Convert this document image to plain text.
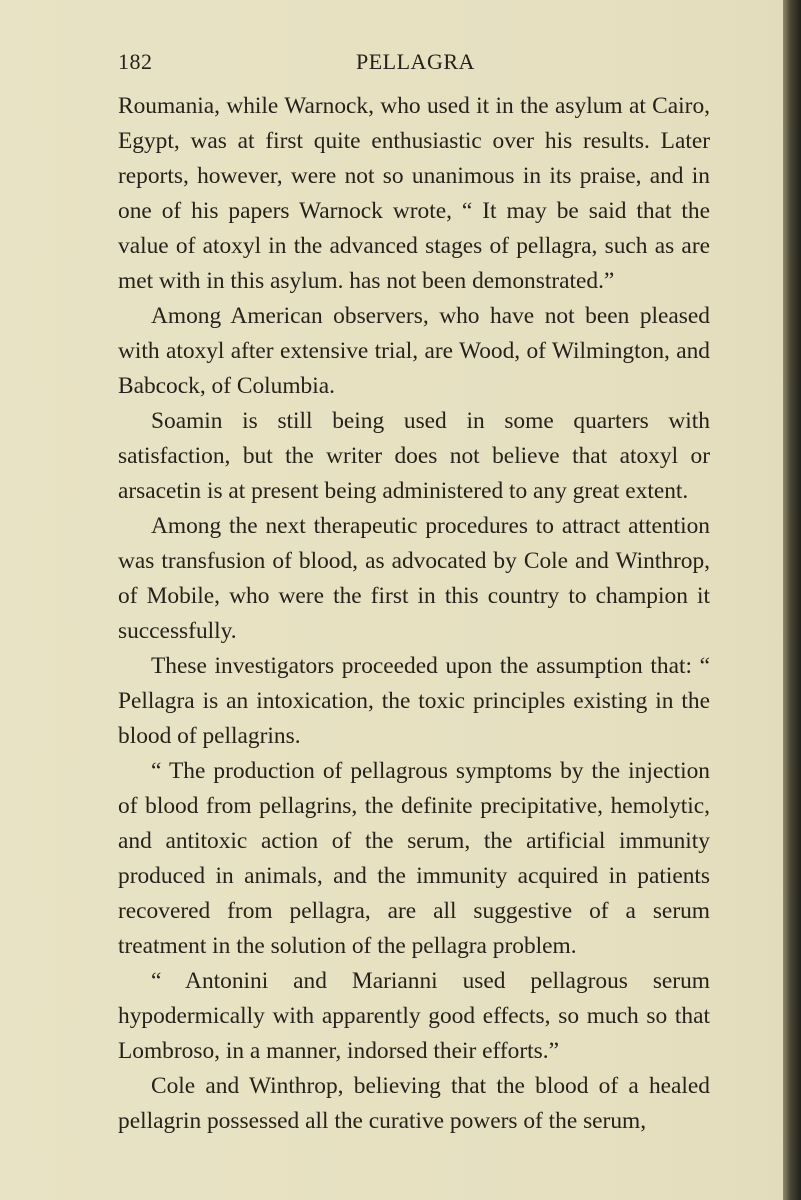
182	PELLAGRA

Roumania, while Warnock, who used it in the asylum at Cairo, Egypt, was at first quite enthusiastic over his results. Later reports, however, were not so unanimous in its praise, and in one of his papers Warnock wrote, “ It may be said that the value of atoxyl in the advanced stages of pellagra, such as are met with in this asylum. has not been demonstrated.”

Among American observers, who have not been pleased with atoxyl after extensive trial, are Wood, of Wilmington, and Babcock, of Columbia.

Soamin is still being used in some quarters with satisfaction, but the writer does not believe that atoxyl or arsacetin is at present being administered to any great extent.

Among the next therapeutic procedures to attract attention was transfusion of blood, as advocated by Cole and Winthrop, of Mobile, who were the first in this country to champion it successfully.

These investigators proceeded upon the assumption that: “ Pellagra is an intoxication, the toxic principles existing in the blood of pellagrins.

“ The production of pellagrous symptoms by the injection of blood from pellagrins, the definite precipitative, hemolytic, and antitoxic action of the serum, the artificial immunity produced in animals, and the immunity acquired in patients recovered from pellagra, are all suggestive of a serum treatment in the solution of the pellagra problem.

“ Antonini and Marianni used pellagrous serum hypodermically with apparently good effects, so much so that Lombroso, in a manner, indorsed their efforts.”

Cole and Winthrop, believing that the blood of a healed pellagrin possessed all the curative powers of the serum,
